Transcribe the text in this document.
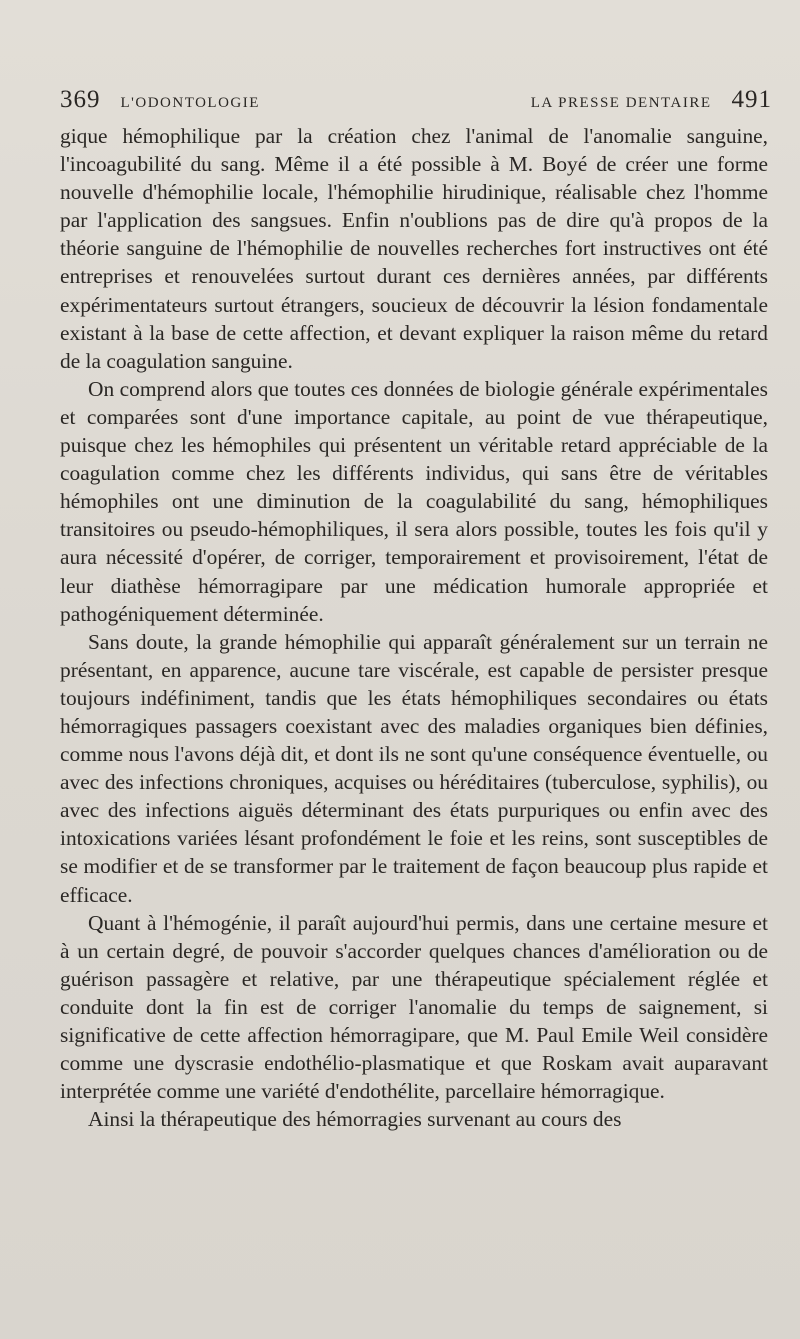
369 L'ODONTOLOGIE	LA PRESSE DENTAIRE 491

gique hémophilique par la création chez l'animal de l'anomalie sanguine, l'incoagubilité du sang. Même il a été possible à M. Boyé de créer une forme nouvelle d'hémophilie locale, l'hémophilie hirudinique, réalisable chez l'homme par l'application des sangsues. Enfin n'oublions pas de dire qu'à propos de la théorie sanguine de l'hémophilie de nouvelles recherches fort instructives ont été entreprises et renouvelées surtout durant ces dernières années, par différents expérimentateurs surtout étrangers, soucieux de découvrir la lésion fondamentale existant à la base de cette affection, et devant expliquer la raison même du retard de la coagulation sanguine.

On comprend alors que toutes ces données de biologie générale expérimentales et comparées sont d'une importance capitale, au point de vue thérapeutique, puisque chez les hémophiles qui présentent un véritable retard appréciable de la coagulation comme chez les différents individus, qui sans être de véritables hémophiles ont une diminution de la coagulabilité du sang, hémophiliques transitoires ou pseudo-hémophiliques, il sera alors possible, toutes les fois qu'il y aura nécessité d'opérer, de corriger, temporairement et provisoirement, l'état de leur diathèse hémorragipare par une médication humorale appropriée et pathogéniquement déterminée.

Sans doute, la grande hémophilie qui apparaît généralement sur un terrain ne présentant, en apparence, aucune tare viscérale, est capable de persister presque toujours indéfiniment, tandis que les états hémophiliques secondaires ou états hémorragiques passagers coexistant avec des maladies organiques bien définies, comme nous l'avons déjà dit, et dont ils ne sont qu'une conséquence éventuelle, ou avec des infections chroniques, acquises ou héréditaires (tuberculose, syphilis), ou avec des infections aiguës déterminant des états purpuriques ou enfin avec des intoxications variées lésant profondément le foie et les reins, sont susceptibles de se modifier et de se transformer par le traitement de façon beaucoup plus rapide et efficace.

Quant à l'hémogénie, il paraît aujourd'hui permis, dans une certaine mesure et à un certain degré, de pouvoir s'accorder quelques chances d'amélioration ou de guérison passagère et relative, par une thérapeutique spécialement réglée et conduite dont la fin est de corriger l'anomalie du temps de saignement, si significative de cette affection hémorragipare, que M. Paul Emile Weil considère comme une dyscrasie endothélio-plasmatique et que Roskam avait auparavant interprétée comme une variété d'endothélite, parcellaire hémorragique.

Ainsi la thérapeutique des hémorragies survenant au cours des
